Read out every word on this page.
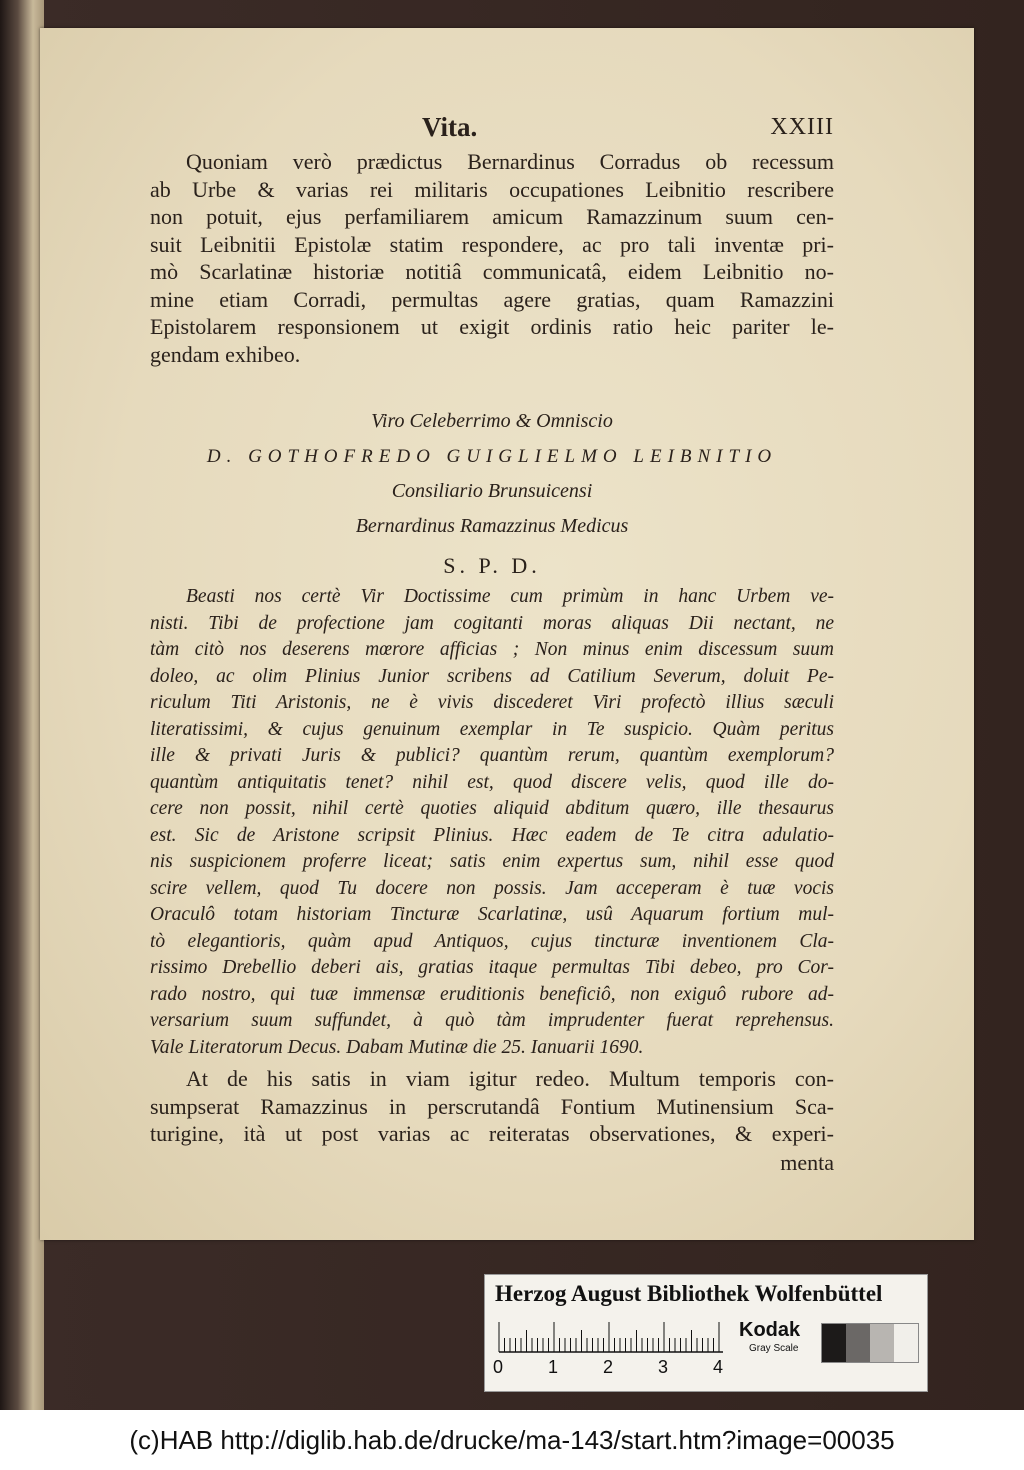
Vita.	XXIII
Quoniam verò prædictus Bernardinus Corradus ob recessum
ab Urbe & varias rei militaris occupationes Leibnitio rescribere
non potuit, ejus perfamiliarem amicum Ramazzinum suum cen-
suit Leibnitii Epistolæ statim respondere, ac pro tali inventæ pri-
mò Scarlatinæ historiæ notitiâ communicatâ, eidem Leibnitio no-
mine etiam Corradi, permultas agere gratias, quam Ramazzini
Epistolarem responsionem ut exigit ordinis ratio heic pariter le-
gendam exhibeo.
Viro Celeberrimo & Omniscio
D. GOTHOFREDO GUIGLIELMO LEIBNITIO
Consiliario Brunsuicensi
Bernardinus Ramazzinus Medicus
S. P. D.
Beasti nos certè Vir Doctissime cum primùm in hanc Urbem ve-
nisti. Tibi de profectione jam cogitanti moras aliquas Dii nectant, ne
tàm citò nos deserens mœrore afficias ; Non minus enim discessum suum
doleo, ac olim Plinius Junior scribens ad Catilium Severum, doluit Pe-
riculum Titi Aristonis, ne è vivis discederet Viri profectò illius sæculi
literatissimi, & cujus genuinum exemplar in Te suspicio. Quàm peritus
ille & privati Juris & publici? quantùm rerum, quantùm exemplorum?
quantùm antiquitatis tenet? nihil est, quod discere velis, quod ille do-
cere non possit, nihil certè quoties aliquid abditum quæro, ille thesaurus
est. Sic de Aristone scripsit Plinius. Hæc eadem de Te citra adulatio-
nis suspicionem proferre liceat; satis enim expertus sum, nihil esse quod
scire vellem, quod Tu docere non possis. Jam acceperam è tuæ vocis
Oraculô totam historiam Tincturæ Scarlatinæ, usû Aquarum fortium mul-
tò elegantioris, quàm apud Antiquos, cujus tincturæ inventionem Cla-
rissimo Drebellio deberi ais, gratias itaque permultas Tibi debeo, pro Cor-
rado nostro, qui tuæ immensæ eruditionis beneficiô, non exiguô rubore ad-
versarium suum suffundet, à quò tàm imprudenter fuerat reprehensus.
Vale Literatorum Decus. Dabam Mutinæ die 25. Ianuarii 1690.
At de his satis in viam igitur redeo. Multum temporis con-
sumpserat Ramazzinus in perscrutandâ Fontium Mutinensium Sca-
turigine, ità ut post varias ac reiteratas observationes, & experi-
menta
Herzog August Bibliothek Wolfenbüttel
0 1 2 3 4
Kodak
Gray Scale
(c)HAB http://diglib.hab.de/drucke/ma-143/start.htm?image=00035
